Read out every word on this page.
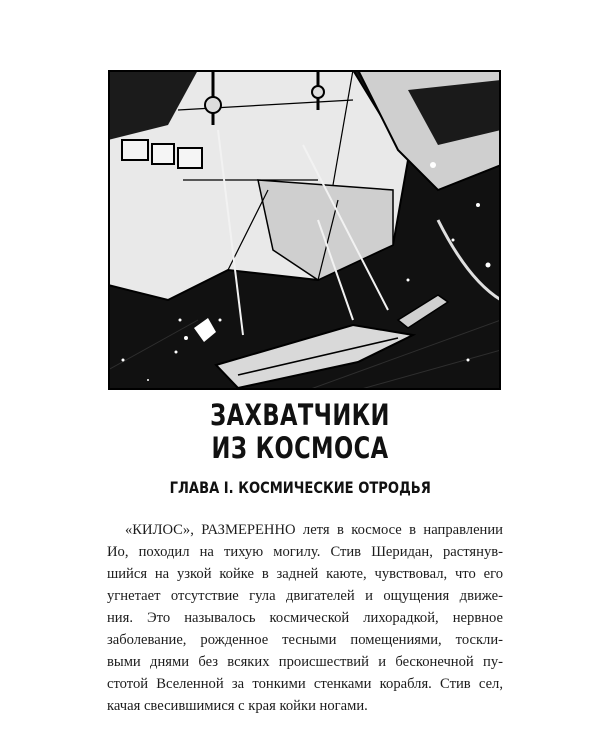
ЗАХВАТЧИКИ
ИЗ КОСМОСА
ГЛАВА I. КОСМИЧЕСКИЕ ОТРОДЬЯ
«КИЛОС», РАЗМЕРЕННО летя в космосе в направлении
Ио, походил на тихую могилу. Стив Шеридан, растянув-
шийся на узкой койке в задней каюте, чувствовал, что его
угнетает отсутствие гула двигателей и ощущения движе-
ния. Это называлось космической лихорадкой, нервное
заболевание, рожденное тесными помещениями, тоскли-
выми днями без всяких происшествий и бесконечной пу-
стотой Вселенной за тонкими стенками корабля. Стив сел,
качая свесившимися с края койки ногами.
